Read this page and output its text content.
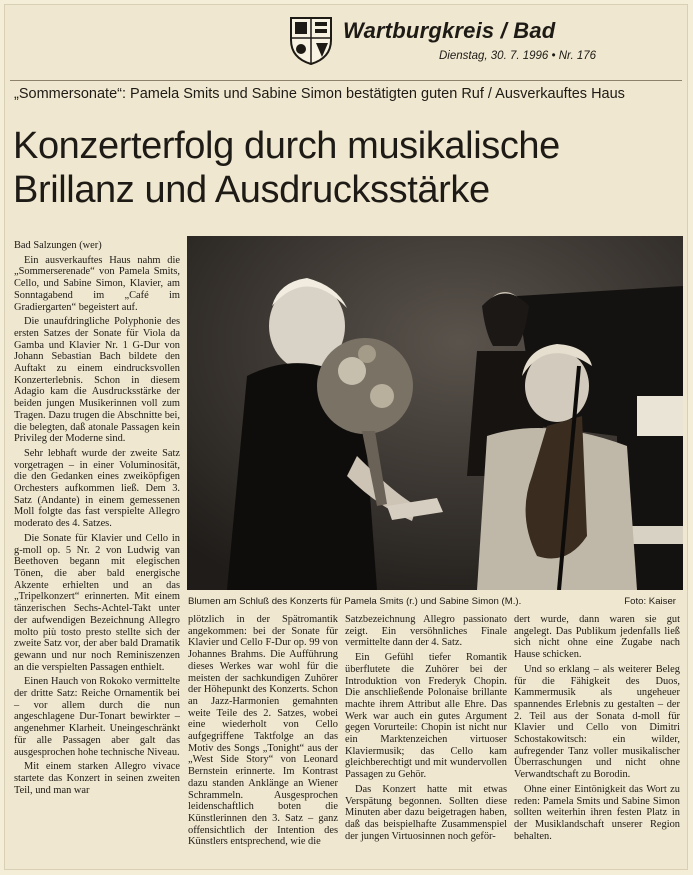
Wartburgkreis / Bad
Dienstag, 30. 7. 1996 • Nr. 176
„Sommersonate“: Pamela Smits und Sabine Simon bestätigten guten Ruf / Ausverkauftes Haus
Konzerterfolg durch musikalische
Brillanz und Ausdrucksstärke

Bad Salzungen (wer)

Ein ausverkauftes Haus nahm die „Sommerserenade“ von Pamela Smits, Cello, und Sabine Simon, Klavier, am Sonntagabend im „Café im Gradiergarten“ begeistert auf.

Die unaufdringliche Polyphonie des ersten Satzes der Sonate für Viola da Gamba und Klavier Nr. 1 G-Dur von Johann Sebastian Bach bildete den Auftakt zu einem eindrucksvollen Konzerterlebnis. Schon in diesem Adagio kam die Ausdrucksstärke der beiden jungen Musikerinnen voll zum Tragen. Dazu trugen die Abschnitte bei, die belegten, daß atonale Passagen kein Privileg der Moderne sind.

Sehr lebhaft wurde der zweite Satz vorgetragen – in einer Voluminosität, die den Gedanken eines zweiköpfigen Orchesters aufkommen ließ. Dem 3. Satz (Andante) in einem gemessenen Moll folgte das fast verspielte Allegro moderato des 4. Satzes.

Die Sonate für Klavier und Cello in g-moll op. 5 Nr. 2 von Ludwig van Beethoven begann mit elegischen Tönen, die aber bald energische Akzente erhielten und an das „Tripelkonzert“ erinnerten. Mit einem tänzerischen Sechs-Achtel-Takt unter der aufwendigen Bezeichnung Allegro molto più tosto presto stellte sich der zweite Satz vor, der aber bald Dramatik gewann und nur noch Reminiszenzen an die verspielten Passagen enthielt.

Einen Hauch von Rokoko vermittelte der dritte Satz: Reiche Ornamentik bei – vor allem durch die nun angeschlagene Dur-Tonart bewirkter – angenehmer Klarheit. Uneingeschränkt für alle Passagen aber galt das ausgesprochen hohe technische Niveau.

Mit einem starken Allegro vivace startete das Konzert in seinen zweiten Teil, und man war

Blumen am Schluß des Konzerts für Pamela Smits (r.) und Sabine Simon (M.).	Foto: Kaiser

plötzlich in der Spätromantik angekommen: bei der Sonate für Klavier und Cello F-Dur op. 99 von Johannes Brahms. Die Aufführung dieses Werkes war wohl für die meisten der sachkundigen Zuhörer der Höhepunkt des Konzerts. Schon an Jazz-Harmonien gemahnten weite Teile des 2. Satzes, wobei eine wiederholt von Cello aufgegriffene Taktfolge an das Motiv des Songs „Tonight“ aus der „West Side Story“ von Leonard Bernstein erinnerte. Im Kontrast dazu standen Anklänge an Wiener Schrammeln. Ausgesprochen leidenschaftlich boten die Künstlerinnen den 3. Satz – ganz offensichtlich der Intention des Künstlers entsprechend, wie die

Satzbezeichnung Allegro passionato zeigt. Ein versöhnliches Finale vermittelte dann der 4. Satz.

Ein Gefühl tiefer Romantik überflutete die Zuhörer bei der Introduktion von Frederyk Chopin. Die anschließende Polonaise brillante machte ihrem Attribut alle Ehre. Das Werk war auch ein gutes Argument gegen Vorurteile: Chopin ist nicht nur ein Marktenzeichen virtuoser Klaviermusik; das Cello kam gleichberechtigt und mit wundervollen Passagen zu Gehör.

Das Konzert hatte mit etwas Verspätung begonnen. Sollten diese Minuten aber dazu beigetragen haben, daß das beispielhafte Zusammenspiel der jungen Virtuosinnen noch geför-

dert wurde, dann waren sie gut angelegt. Das Publikum jedenfalls ließ sich nicht ohne eine Zugabe nach Hause schicken.

Und so erklang – als weiterer Beleg für die Fähigkeit des Duos, Kammermusik als ungeheuer spannendes Erlebnis zu gestalten – der 2. Teil aus der Sonata d-moll für Klavier und Cello von Dimitri Schostakowitsch: ein wilder, aufregender Tanz voller musikalischer Überraschungen und nicht ohne Verwandtschaft zu Borodin.

Ohne einer Eintönigkeit das Wort zu reden: Pamela Smits und Sabine Simon sollten weiterhin ihren festen Platz in der Musiklandschaft unserer Region behalten.
